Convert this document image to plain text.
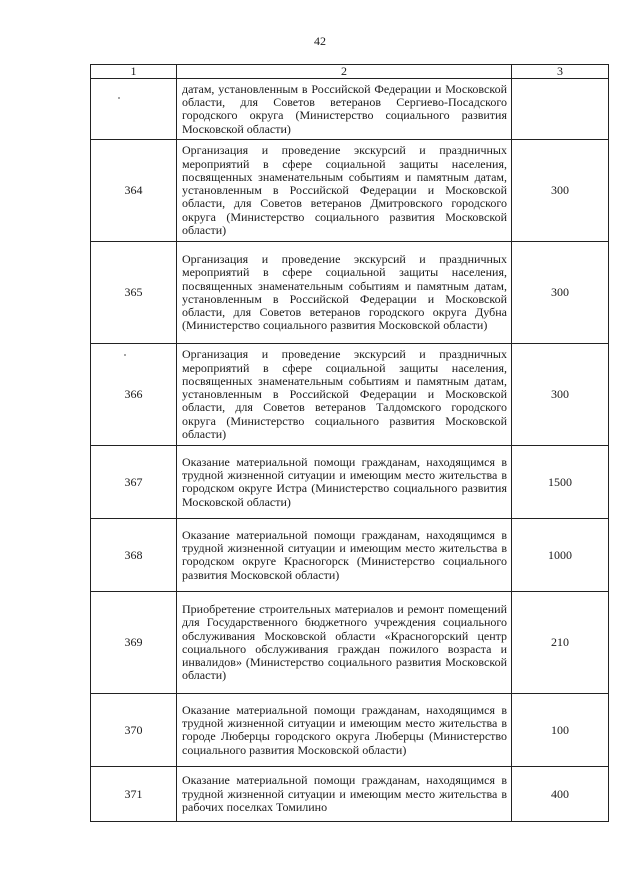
42
1	2	3
	датам, установленным в Российской Федерации и Московской области, для Советов ветеранов Сергиево-Посадского городского округа (Министерство социального развития Московской области)	
364	Организация и проведение экскурсий и праздничных мероприятий в сфере социальной защиты населения, посвященных знаменательным событиям и памятным датам, установленным в Российской Федерации и Московской области, для Советов ветеранов Дмитровского городского округа (Министерство социального развития Московской области)	300
365	Организация и проведение экскурсий и праздничных мероприятий в сфере социальной защиты населения, посвященных знаменательным событиям и памятным датам, установленным в Российской Федерации и Московской области, для Советов ветеранов городского округа Дубна (Министерство социального развития Московской области)	300
366	Организация и проведение экскурсий и праздничных мероприятий в сфере социальной защиты населения, посвященных знаменательным событиям и памятным датам, установленным в Российской Федерации и Московской области, для Советов ветеранов Талдомского городского округа (Министерство социального развития Московской области)	300
367	Оказание материальной помощи гражданам, находящимся в трудной жизненной ситуации и имеющим место жительства в городском округе Истра (Министерство социального развития Московской области)	1500
368	Оказание материальной помощи гражданам, находящимся в трудной жизненной ситуации и имеющим место жительства в городском округе Красногорск (Министерство социального развития Московской области)	1000
369	Приобретение строительных материалов и ремонт помещений для Государственного бюджетного учреждения социального обслуживания Московской области «Красногорский центр социального обслуживания граждан пожилого возраста и инвалидов» (Министерство социального развития Московской области)	210
370	Оказание материальной помощи гражданам, находящимся в трудной жизненной ситуации и имеющим место жительства в городе Люберцы городского округа Люберцы (Министерство социального развития Московской области)	100
371	Оказание материальной помощи гражданам, находящимся в трудной жизненной ситуации и имеющим место жительства в рабочих поселках Томилино	400
